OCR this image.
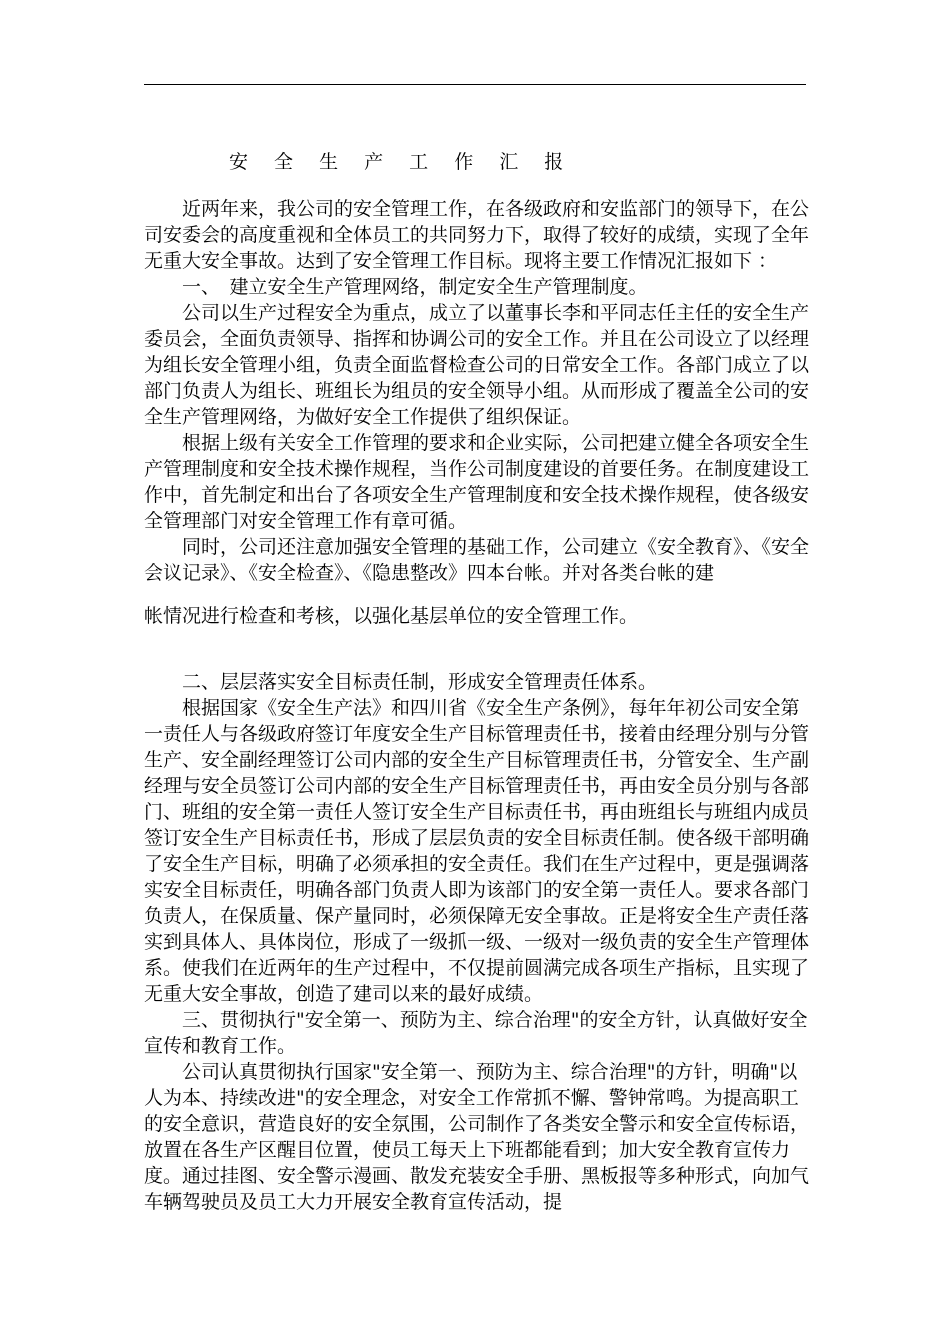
安 全 生 产 工 作 汇 报

近两年来，我公司的安全管理工作，在各级政府和安监部门的领导下，在公司安委会的高度重视和全体员工的共同努力下，取得了较好的成绩，实现了全年无重大安全事故。达到了安全管理工作目标。现将主要工作情况汇报如下 ：

一、　建立安全生产管理网络，制定安全生产管理制度。

公司以生产过程安全为重点，成立了以董事长李和平同志任主任的安全生产委员会，全面负责领导、指挥和协调公司的安全工作。并且在公司设立了以经理为组长安全管理小组，负责全面监督检查公司的日常安全工作。各部门成立了以部门负责人为组长、班组长为组员的安全领导小组。从而形成了覆盖全公司的安全生产管理网络，为做好安全工作提供了组织保证。

根据上级有关安全工作管理的要求和企业实际，公司把建立健全各项安全生产管理制度和安全技术操作规程，当作公司制度建设的首要任务。在制度建设工作中，首先制定和出台了各项安全生产管理制度和安全技术操作规程，使各级安全管理部门对安全管理工作有章可循。

同时，公司还注意加强安全管理的基础工作，公司建立《安全教育》、《安全会议记录》、《安全检查》、《隐患整改》四本台帐。并对各类台帐的建

帐情况进行检查和考核，以强化基层单位的安全管理工作。

二、层层落实安全目标责任制，形成安全管理责任体系。

根据国家《安全生产法》和四川省《安全生产条例》，每年年初公司安全第一责任人与各级政府签订年度安全生产目标管理责任书，接着由经理分别与分管生产、安全副经理签订公司内部的安全生产目标管理责任书，分管安全、生产副经理与安全员签订公司内部的安全生产目标管理责任书，再由安全员分别与各部门、班组的安全第一责任人签订安全生产目标责任书，再由班组长与班组内成员签订安全生产目标责任书，形成了层层负责的安全目标责任制。使各级干部明确了安全生产目标，明确了必须承担的安全责任。我们在生产过程中，更是强调落实安全目标责任，明确各部门负责人即为该部门的安全第一责任人。要求各部门负责人，在保质量、保产量同时，必须保障无安全事故。正是将安全生产责任落实到具体人、具体岗位，形成了一级抓一级、一级对一级负责的安全生产管理体系。使我们在近两年的生产过程中，不仅提前圆满完成各项生产指标，且实现了无重大安全事故，创造了建司以来的最好成绩。

三、贯彻执行"安全第一、预防为主、综合治理"的安全方针，认真做好安全宣传和教育工作。

公司认真贯彻执行国家"安全第一、预防为主、综合治理"的方针，明确"以人为本、持续改进"的安全理念，对安全工作常抓不懈、警钟常鸣。为提高职工的安全意识，营造良好的安全氛围，公司制作了各类安全警示和安全宣传标语，放置在各生产区醒目位置，使员工每天上下班都能看到；加大安全教育宣传力度。通过挂图、安全警示漫画、散发充装安全手册、黑板报等多种形式，向加气车辆驾驶员及员工大力开展安全教育宣传活动，提
